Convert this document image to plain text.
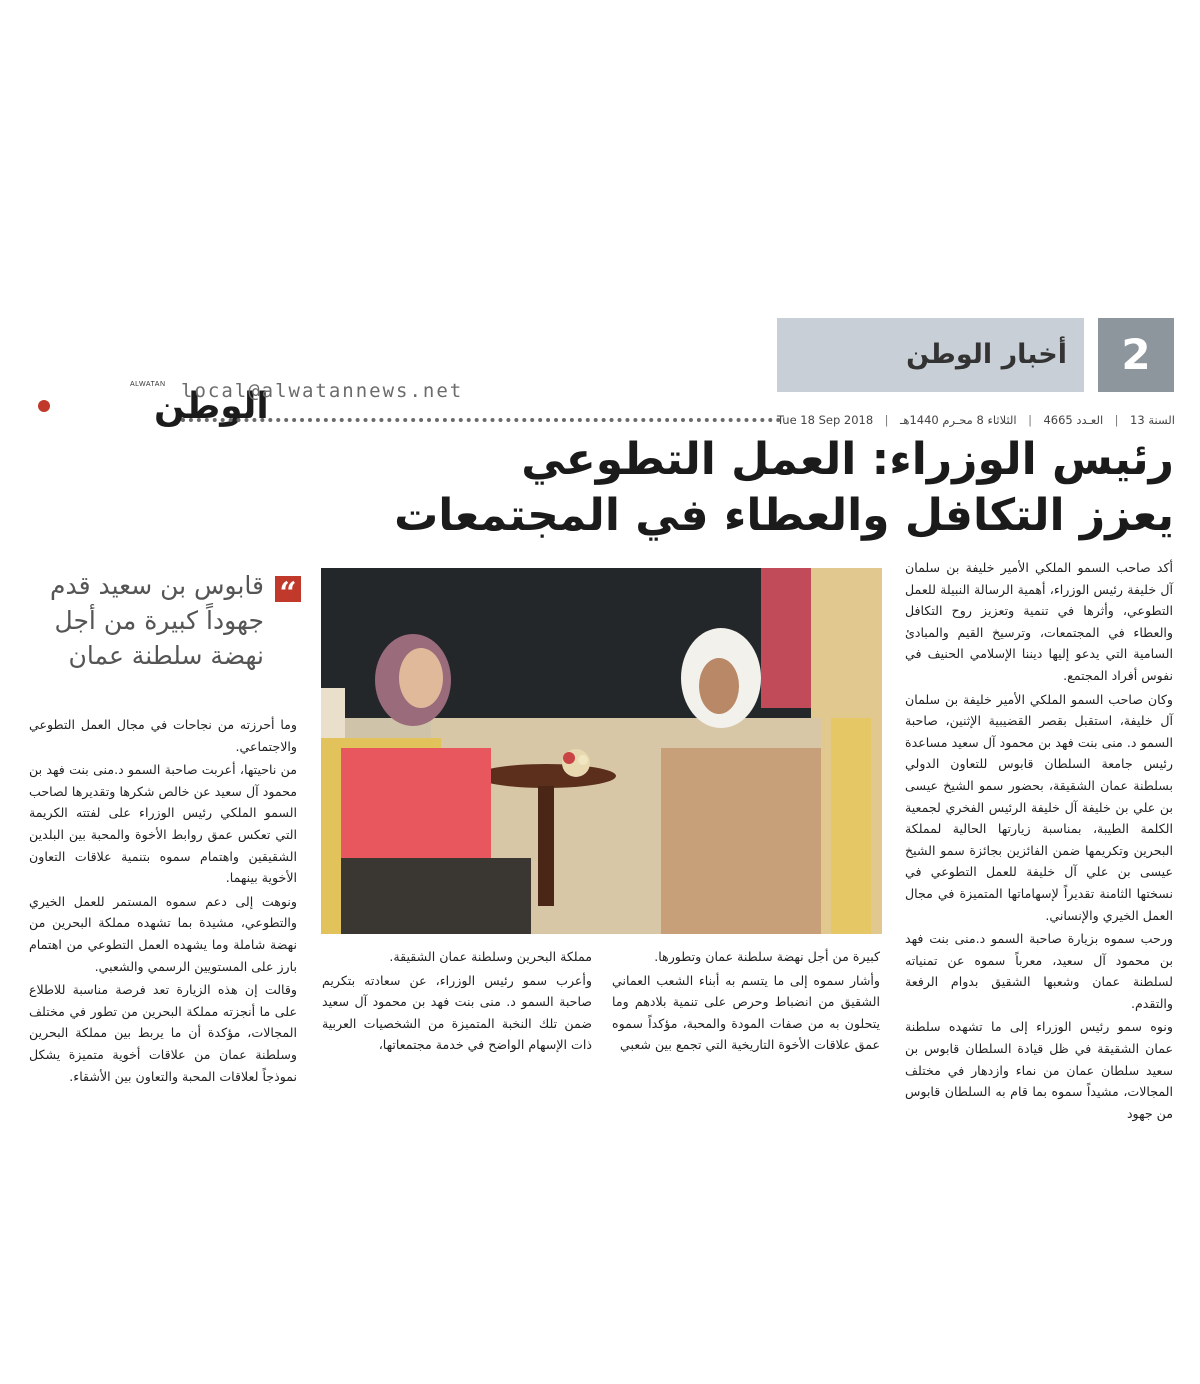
أخبار الوطن	2
ALWATAN
الوطن
local@alwatannews.net
Tue 18 Sep 2018 | الثلاثاء 8 محـرم 1440هـ | العـدد 4665 | السنة 13
رئيس الوزراء: العمل التطوعي
يعزز التكافل والعطاء في المجتمعات

أكد صاحب السمو الملكي الأمير خليفة بن سلمان آل خليفة رئيس الوزراء، أهمية الرسالة النبيلة للعمل التطوعي، وأثرها في تنمية وتعزيز روح التكافل والعطاء في المجتمعات، وترسيخ القيم والمبادئ السامية التي يدعو إليها ديننا الإسلامي الحنيف في نفوس أفراد المجتمع.

وكان صاحب السمو الملكي الأمير خليفة بن سلمان آل خليفة، استقبل بقصر القضيبية الإثنين، صاحبة السمو د. منى بنت فهد بن محمود آل سعيد مساعدة رئيس جامعة السلطان قابوس للتعاون الدولي بسلطنة عمان الشقيقة، بحضور سمو الشيخ عيسى بن علي بن خليفة آل خليفة الرئيس الفخري لجمعية الكلمة الطيبة، بمناسبة زيارتها الحالية لمملكة البحرين وتكريمها ضمن الفائزين بجائزة سمو الشيخ عيسى بن علي آل خليفة للعمل التطوعي في نسختها الثامنة تقديراً لإسهاماتها المتميزة في مجال العمل الخيري والإنساني.

ورحب سموه بزيارة صاحبة السمو د.منى بنت فهد بن محمود آل سعيد، معرباً سموه عن تمنياته لسلطنة عمان وشعبها الشقيق بدوام الرفعة والتقدم.

ونوه سمو رئيس الوزراء إلى ما تشهده سلطنة عمان الشقيقة في ظل قيادة السلطان قابوس بن سعيد سلطان عمان من نماء وازدهار في مختلف المجالات، مشيداً سموه بما قام به السلطان قابوس من جهود

كبيرة من أجل نهضة سلطنة عمان وتطورها.

وأشار سموه إلى ما يتسم به أبناء الشعب العماني الشقيق من انضباط وحرص على تنمية بلادهم وما يتحلون به من صفات المودة والمحبة، مؤكداً سموه عمق علاقات الأخوة التاريخية التي تجمع بين شعبي

مملكة البحرين وسلطنة عمان الشقيقة.

وأعرب سمو رئيس الوزراء، عن سعادته بتكريم صاحبة السمو د. منى بنت فهد بن محمود آل سعيد ضمن تلك النخبة المتميزة من الشخصيات العربية ذات الإسهام الواضح في خدمة مجتمعاتها،

“
قابوس بن سعيد قدم جهوداً كبيرة من أجل نهضة سلطنة عمان

وما أحرزته من نجاحات في مجال العمل التطوعي والاجتماعي.

من ناحيتها، أعربت صاحبة السمو د.منى بنت فهد بن محمود آل سعيد عن خالص شكرها وتقديرها لصاحب السمو الملكي رئيس الوزراء على لفتته الكريمة التي تعكس عمق روابط الأخوة والمحبة بين البلدين الشقيقين واهتمام سموه بتنمية علاقات التعاون الأخوية بينهما.

ونوهت إلى دعم سموه المستمر للعمل الخيري والتطوعي، مشيدة بما تشهده مملكة البحرين من نهضة شاملة وما يشهده العمل التطوعي من اهتمام بارز على المستويين الرسمي والشعبي.

وقالت إن هذه الزيارة تعد فرصة مناسبة للاطلاع على ما أنجزته مملكة البحرين من تطور في مختلف المجالات، مؤكدة أن ما يربط بين مملكة البحرين وسلطنة عمان من علاقات أخوية متميزة يشكل نموذجاً لعلاقات المحبة والتعاون بين الأشقاء.
